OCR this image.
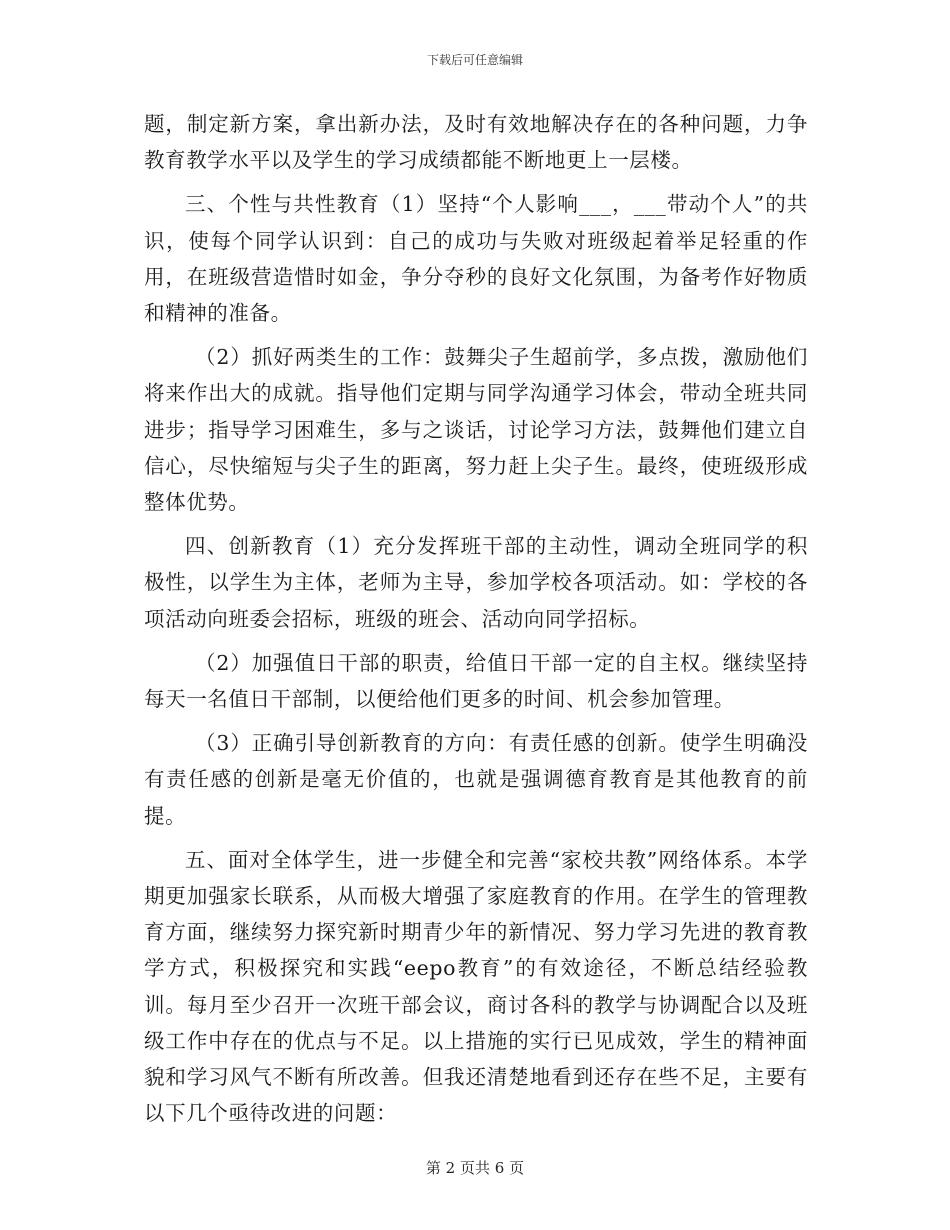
下载后可任意编辑

题，制定新方案，拿出新办法，及时有效地解决存在的各种问题，力争教育教学水平以及学生的学习成绩都能不断地更上一层楼。

三、个性与共性教育（1）坚持“个人影响___，___带动个人”的共识，使每个同学认识到：自己的成功与失败对班级起着举足轻重的作用，在班级营造惜时如金，争分夺秒的良好文化氛围，为备考作好物质和精神的准备。

（2）抓好两类生的工作：鼓舞尖子生超前学，多点拨，激励他们将来作出大的成就。指导他们定期与同学沟通学习体会，带动全班共同进步；指导学习困难生，多与之谈话，讨论学习方法，鼓舞他们建立自信心，尽快缩短与尖子生的距离，努力赶上尖子生。最终，使班级形成整体优势。

四、创新教育（1）充分发挥班干部的主动性，调动全班同学的积极性，以学生为主体，老师为主导，参加学校各项活动。如：学校的各项活动向班委会招标，班级的班会、活动向同学招标。

（2）加强值日干部的职责，给值日干部一定的自主权。继续坚持每天一名值日干部制，以便给他们更多的时间、机会参加管理。

（3）正确引导创新教育的方向：有责任感的创新。使学生明确没有责任感的创新是毫无价值的，也就是强调德育教育是其他教育的前提。

五、面对全体学生，进一步健全和完善“家校共教”网络体系。本学期更加强家长联系，从而极大增强了家庭教育的作用。在学生的管理教育方面，继续努力探究新时期青少年的新情况、努力学习先进的教育教学方式，积极探究和实践“eepo教育”的有效途径，不断总结经验教训。每月至少召开一次班干部会议，商讨各科的教学与协调配合以及班级工作中存在的优点与不足。以上措施的实行已见成效，学生的精神面貌和学习风气不断有所改善。但我还清楚地看到还存在些不足，主要有以下几个亟待改进的问题：

第 2 页共 6 页
